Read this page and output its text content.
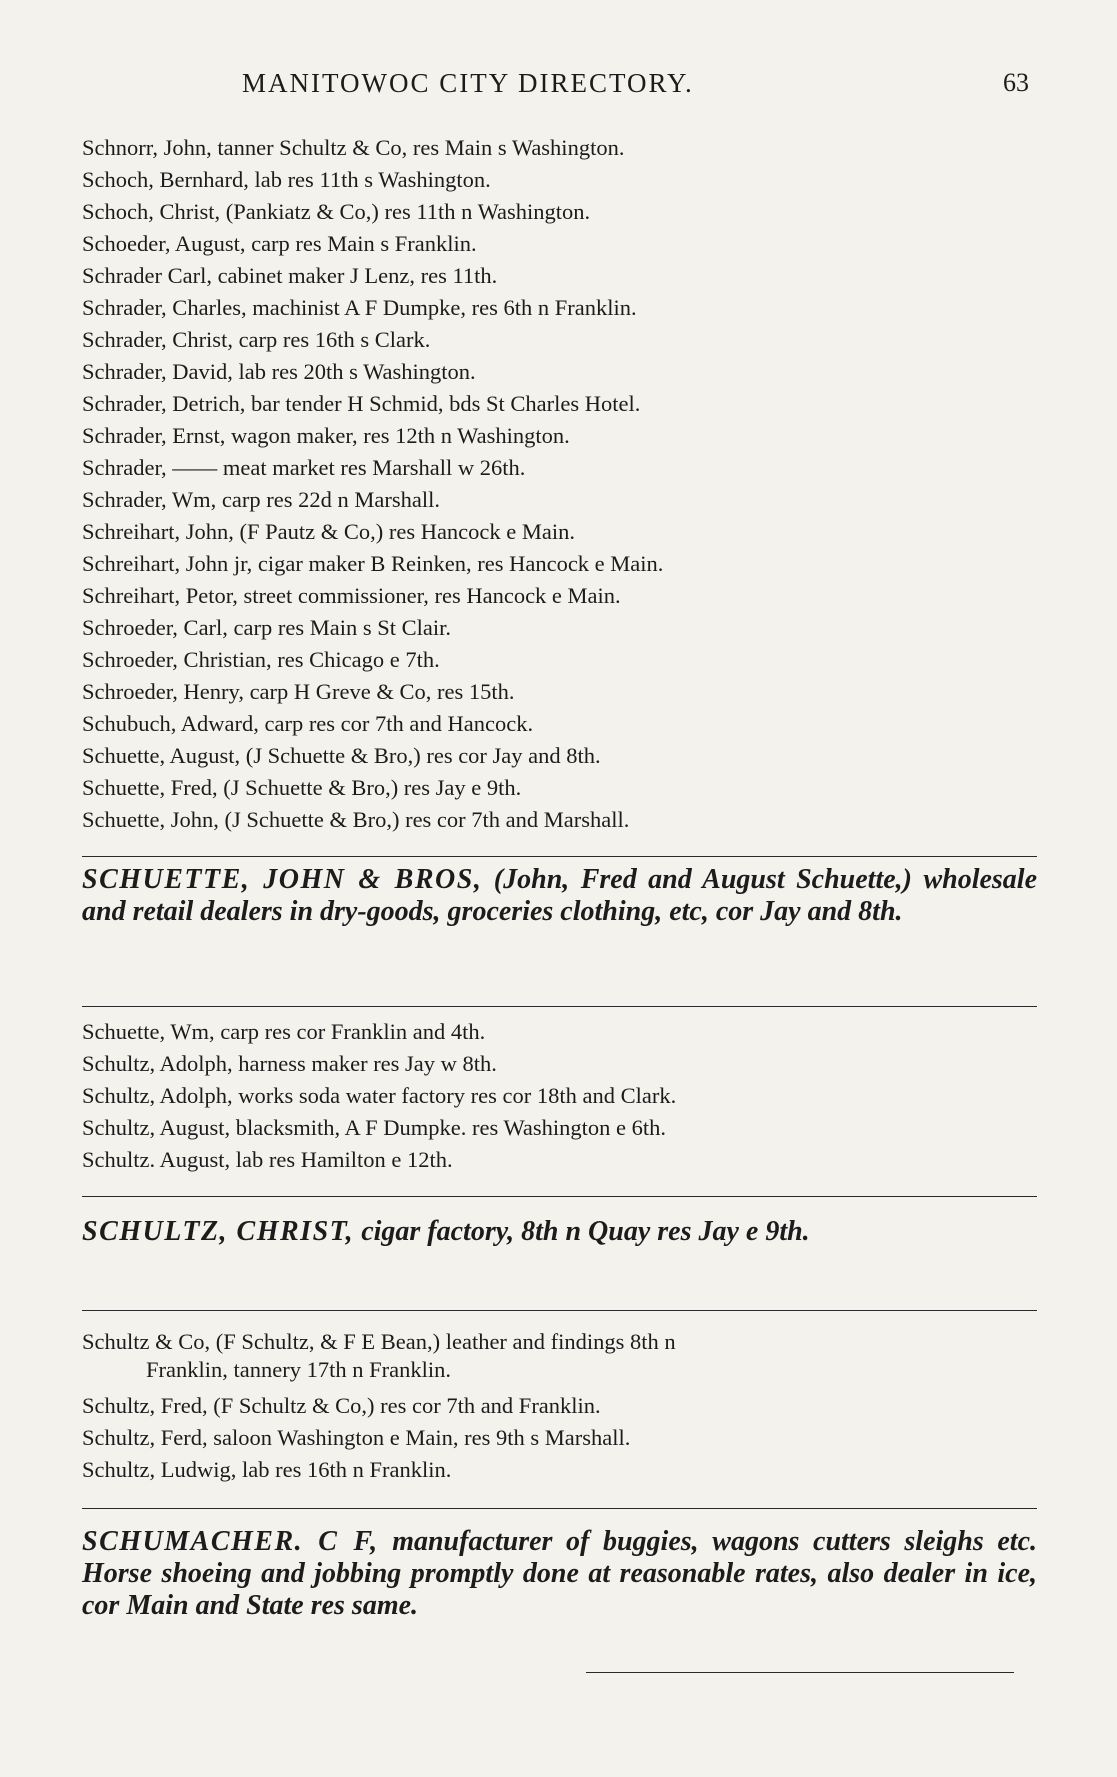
MANITOWOC CITY DIRECTORY.	63
Schnorr, John, tanner Schultz & Co, res Main s Washington.
Schoch, Bernhard, lab res 11th s Washington.
Schoch, Christ, (Pankiatz & Co,) res 11th n Washington.
Schoeder, August, carp res Main s Franklin.
Schrader Carl, cabinet maker J Lenz, res 11th.
Schrader, Charles, machinist A F Dumpke, res 6th n Franklin.
Schrader, Christ, carp res 16th s Clark.
Schrader, David, lab res 20th s Washington.
Schrader, Detrich, bar tender H Schmid, bds St Charles Hotel.
Schrader, Ernst, wagon maker, res 12th n Washington.
Schrader, —— meat market res Marshall w 26th.
Schrader, Wm, carp res 22d n Marshall.
Schreihart, John, (F Pautz & Co,) res Hancock e Main.
Schreihart, John jr, cigar maker B Reinken, res Hancock e Main.
Schreihart, Petor, street commissioner, res Hancock e Main.
Schroeder, Carl, carp res Main s St Clair.
Schroeder, Christian, res Chicago e 7th.
Schroeder, Henry, carp H Greve & Co, res 15th.
Schubuch, Adward, carp res cor 7th and Hancock.
Schuette, August, (J Schuette & Bro,) res cor Jay and 8th.
Schuette, Fred, (J Schuette & Bro,) res Jay e 9th.
Schuette, John, (J Schuette & Bro,) res cor 7th and Marshall.
SCHUETTE, JOHN & BROS, (John, Fred and August Schuette,) wholesale and retail dealers in dry-goods, groceries clothing, etc, cor Jay and 8th.
Schuette, Wm, carp res cor Franklin and 4th.
Schultz, Adolph, harness maker res Jay w 8th.
Schultz, Adolph, works soda water factory res cor 18th and Clark.
Schultz, August, blacksmith, A F Dumpke. res Washington e 6th.
Schultz. August, lab res Hamilton e 12th.
SCHULTZ, CHRIST, cigar factory, 8th n Quay res Jay e 9th.
Schultz & Co, (F Schultz, & F E Bean,) leather and findings 8th n
Franklin, tannery 17th n Franklin.
Schultz, Fred, (F Schultz & Co,) res cor 7th and Franklin.
Schultz, Ferd, saloon Washington e Main, res 9th s Marshall.
Schultz, Ludwig, lab res 16th n Franklin.
SCHUMACHER. C F, manufacturer of buggies, wagons cutters sleighs etc. Horse shoeing and jobbing promptly done at reasonable rates, also dealer in ice, cor Main and State res same.
